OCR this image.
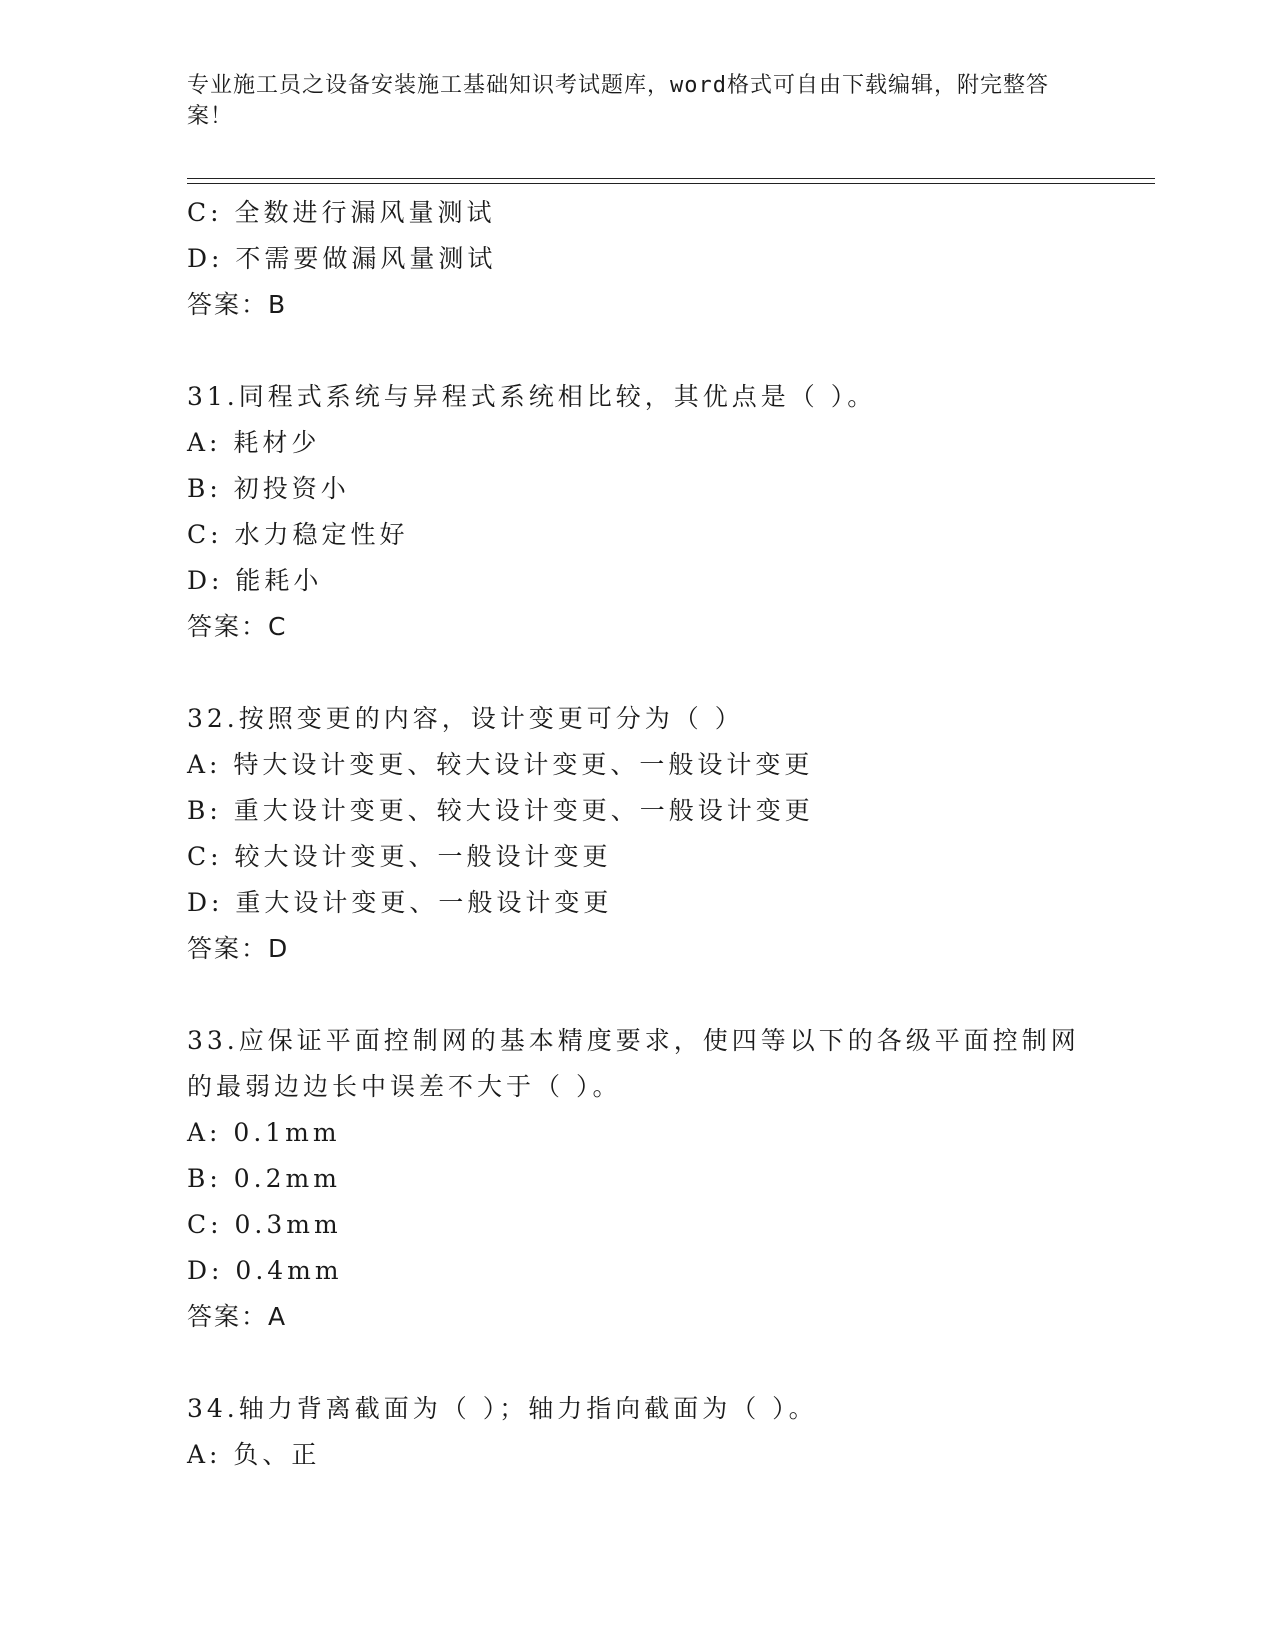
专业施工员之设备安装施工基础知识考试题库，word格式可自由下载编辑，附完整答案！
C: 全数进行漏风量测试
D: 不需要做漏风量测试
答案：B
31.同程式系统与异程式系统相比较，其优点是（ ）。
A: 耗材少
B: 初投资小
C: 水力稳定性好
D: 能耗小
答案：C
32.按照变更的内容，设计变更可分为（ ）
A: 特大设计变更、较大设计变更、一般设计变更
B: 重大设计变更、较大设计变更、一般设计变更
C: 较大设计变更、一般设计变更
D: 重大设计变更、一般设计变更
答案：D
33.应保证平面控制网的基本精度要求，使四等以下的各级平面控制网的最弱边边长中误差不大于（ ）。
A: 0.1mm
B: 0.2mm
C: 0.3mm
D: 0.4mm
答案：A
34.轴力背离截面为（ ）；轴力指向截面为（ ）。
A: 负、正
